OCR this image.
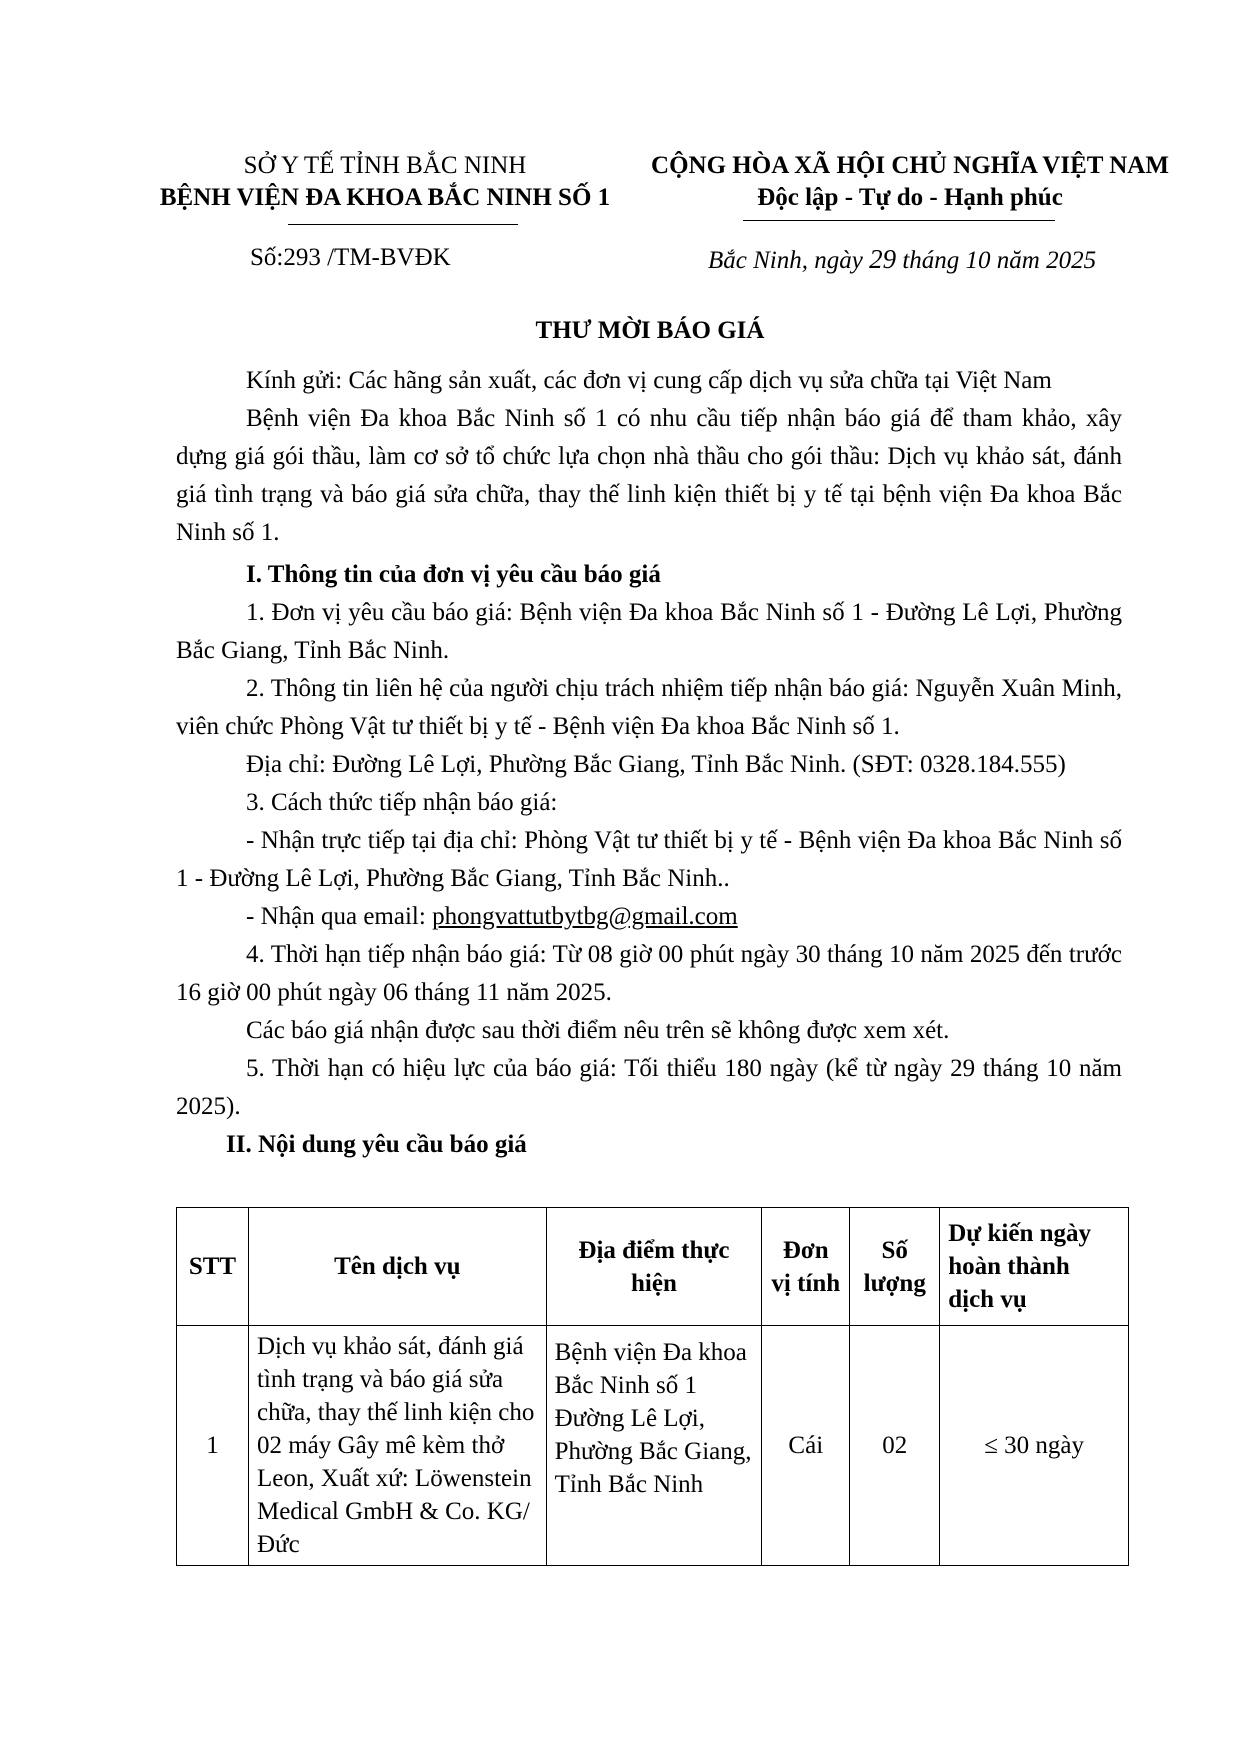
SỞ Y TẾ TỈNH BẮC NINH
BỆNH VIỆN ĐA KHOA BẮC NINH SỐ 1
CỘNG HÒA XÃ HỘI CHỦ NGHĨA VIỆT NAM
Độc lập - Tự do - Hạnh phúc
Số:293 /TM-BVĐK	Bắc Ninh, ngày 29 tháng 10 năm 2025
THƯ MỜI BÁO GIÁ

Kính gửi: Các hãng sản xuất, các đơn vị cung cấp dịch vụ sửa chữa tại Việt Nam

Bệnh viện Đa khoa Bắc Ninh số 1 có nhu cầu tiếp nhận báo giá để tham khảo, xây dựng giá gói thầu, làm cơ sở tổ chức lựa chọn nhà thầu cho gói thầu: Dịch vụ khảo sát, đánh giá tình trạng và báo giá sửa chữa, thay thế linh kiện thiết bị y tế tại bệnh viện Đa khoa Bắc Ninh số 1.

I. Thông tin của đơn vị yêu cầu báo giá

1. Đơn vị yêu cầu báo giá: Bệnh viện Đa khoa Bắc Ninh số 1 - Đường Lê Lợi, Phường Bắc Giang, Tỉnh Bắc Ninh.

2. Thông tin liên hệ của người chịu trách nhiệm tiếp nhận báo giá: Nguyễn Xuân Minh, viên chức Phòng Vật tư thiết bị y tế - Bệnh viện Đa khoa Bắc Ninh số 1.

Địa chỉ: Đường Lê Lợi, Phường Bắc Giang, Tỉnh Bắc Ninh. (SĐT: 0328.184.555)

3. Cách thức tiếp nhận báo giá:

- Nhận trực tiếp tại địa chỉ: Phòng Vật tư thiết bị y tế - Bệnh viện Đa khoa Bắc Ninh số 1 - Đường Lê Lợi, Phường Bắc Giang, Tỉnh Bắc Ninh..

- Nhận qua email: phongvattutbytbg@gmail.com

4. Thời hạn tiếp nhận báo giá: Từ 08 giờ 00 phút ngày 30 tháng 10 năm 2025 đến trước 16 giờ 00 phút ngày 06 tháng 11 năm 2025.

Các báo giá nhận được sau thời điểm nêu trên sẽ không được xem xét.

5. Thời hạn có hiệu lực của báo giá: Tối thiểu 180 ngày (kể từ ngày 29 tháng 10 năm 2025).

II. Nội dung yêu cầu báo giá

STT	Tên dịch vụ	Địa điểm thực hiện	Đơn vị tính	Số lượng	Dự kiến ngày hoàn thành dịch vụ
1	Dịch vụ khảo sát, đánh giá tình trạng và báo giá sửa chữa, thay thế linh kiện cho 02 máy Gây mê kèm thở Leon, Xuất xứ: Löwenstein Medical GmbH & Co. KG/Đức	Bệnh viện Đa khoa Bắc Ninh số 1 Đường Lê Lợi, Phường Bắc Giang, Tỉnh Bắc Ninh	Cái	02	≤ 30 ngày
